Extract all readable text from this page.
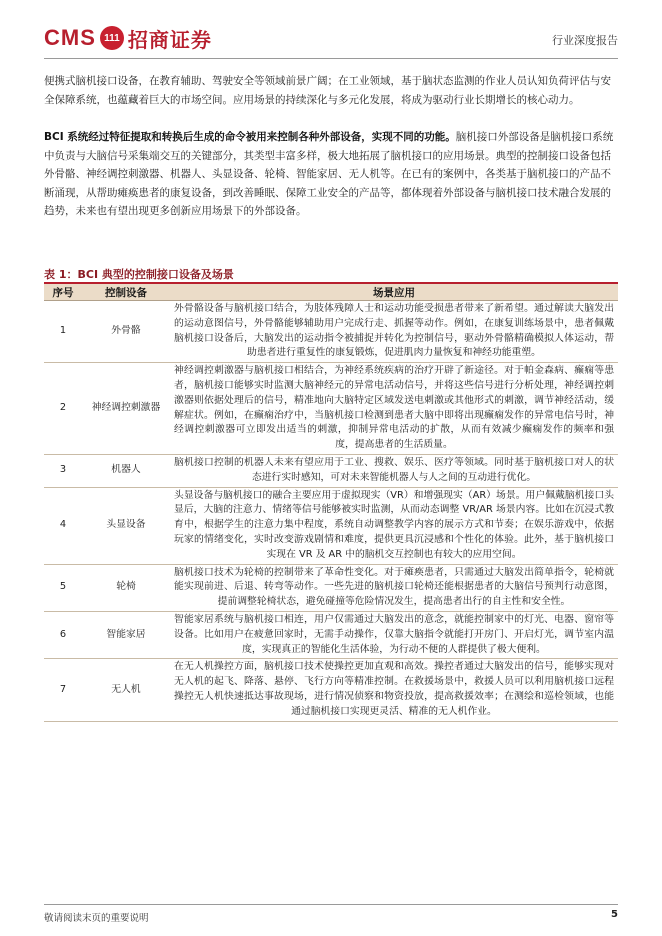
CMS 111 招商证券	行业深度报告
便携式脑机接口设备，在教育辅助、驾驶安全等领域前景广阔；在工业领域，基于脑状态监测的作业人员认知负荷评估与安全保障系统，也蕴藏着巨大的市场空间。应用场景的持续深化与多元化发展，将成为驱动行业长期增长的核心动力。
BCI 系统经过特征提取和转换后生成的命令被用来控制各种外部设备，实现不同的功能。脑机接口外部设备是脑机接口系统中负责与大脑信号采集端交互的关键部分，其类型丰富多样，极大地拓展了脑机接口的应用场景。典型的控制接口设备包括外骨骼、神经调控刺激器、机器人、头显设备、轮椅、智能家居、无人机等。在已有的案例中，各类基于脑机接口的产品不断涌现，从帮助瘫痪患者的康复设备，到改善睡眠、保障工业安全的产品等，都体现着外部设备与脑机接口技术融合发展的趋势，未来也有望出现更多创新应用场景下的外部设备。
表 1：BCI 典型的控制接口设备及场景
序号	控制设备	场景应用
1	外骨骼	外骨骼设备与脑机接口结合，为肢体残障人士和运动功能受损患者带来了新希望。通过解读大脑发出的运动意图信号，外骨骼能够辅助用户完成行走、抓握等动作。例如，在康复训练场景中，患者佩戴脑机接口设备后，大脑发出的运动指令被捕捉并转化为控制信号，驱动外骨骼精确模拟人体运动，帮助患者进行重复性的康复锻炼，促进肌肉力量恢复和神经功能重塑。
2	神经调控刺激器	神经调控刺激器与脑机接口相结合，为神经系统疾病的治疗开辟了新途径。对于帕金森病、癫痫等患者，脑机接口能够实时监测大脑神经元的异常电活动信号，并将这些信号进行分析处理，神经调控刺激器则依据处理后的信号，精准地向大脑特定区域发送电刺激或其他形式的刺激，调节神经活动，缓解症状。例如，在癫痫治疗中，当脑机接口检测到患者大脑中即将出现癫痫发作的异常电信号时，神经调控刺激器可立即发出适当的刺激，抑制异常电活动的扩散，从而有效减少癫痫发作的频率和强度，提高患者的生活质量。
3	机器人	脑机接口控制的机器人未来有望应用于工业、搜救、娱乐、医疗等领域。同时基于脑机接口对人的状态进行实时感知，可对未来智能机器人与人之间的互动进行优化。
4	头显设备	头显设备与脑机接口的融合主要应用于虚拟现实（VR）和增强现实（AR）场景。用户佩戴脑机接口头显后，大脑的注意力、情绪等信号能够被实时监测，从而动态调整 VR/AR 场景内容。比如在沉浸式教育中，根据学生的注意力集中程度，系统自动调整教学内容的展示方式和节奏；在娱乐游戏中，依据玩家的情绪变化，实时改变游戏剧情和难度，提供更具沉浸感和个性化的体验。此外，基于脑机接口实现在 VR 及 AR 中的脑机交互控制也有较大的应用空间。
5	轮椅	脑机接口技术为轮椅的控制带来了革命性变化。对于瘫痪患者，只需通过大脑发出简单指令，轮椅就能实现前进、后退、转弯等动作。一些先进的脑机接口轮椅还能根据患者的大脑信号预判行动意图，提前调整轮椅状态，避免碰撞等危险情况发生，提高患者出行的自主性和安全性。
6	智能家居	智能家居系统与脑机接口相连，用户仅需通过大脑发出的意念，就能控制家中的灯光、电器、窗帘等设备。比如用户在疲惫回家时，无需手动操作，仅靠大脑指令就能打开房门、开启灯光，调节室内温度，实现真正的智能化生活体验，为行动不便的人群提供了极大便利。
7	无人机	在无人机操控方面，脑机接口技术使操控更加直观和高效。操控者通过大脑发出的信号，能够实现对无人机的起飞、降落、悬停、飞行方向等精准控制。在救援场景中，救援人员可以利用脑机接口远程操控无人机快速抵达事故现场，进行情况侦察和物资投放，提高救援效率；在测绘和巡检领域，也能通过脑机接口实现更灵活、精准的无人机作业。
敬请阅读末页的重要说明	5
